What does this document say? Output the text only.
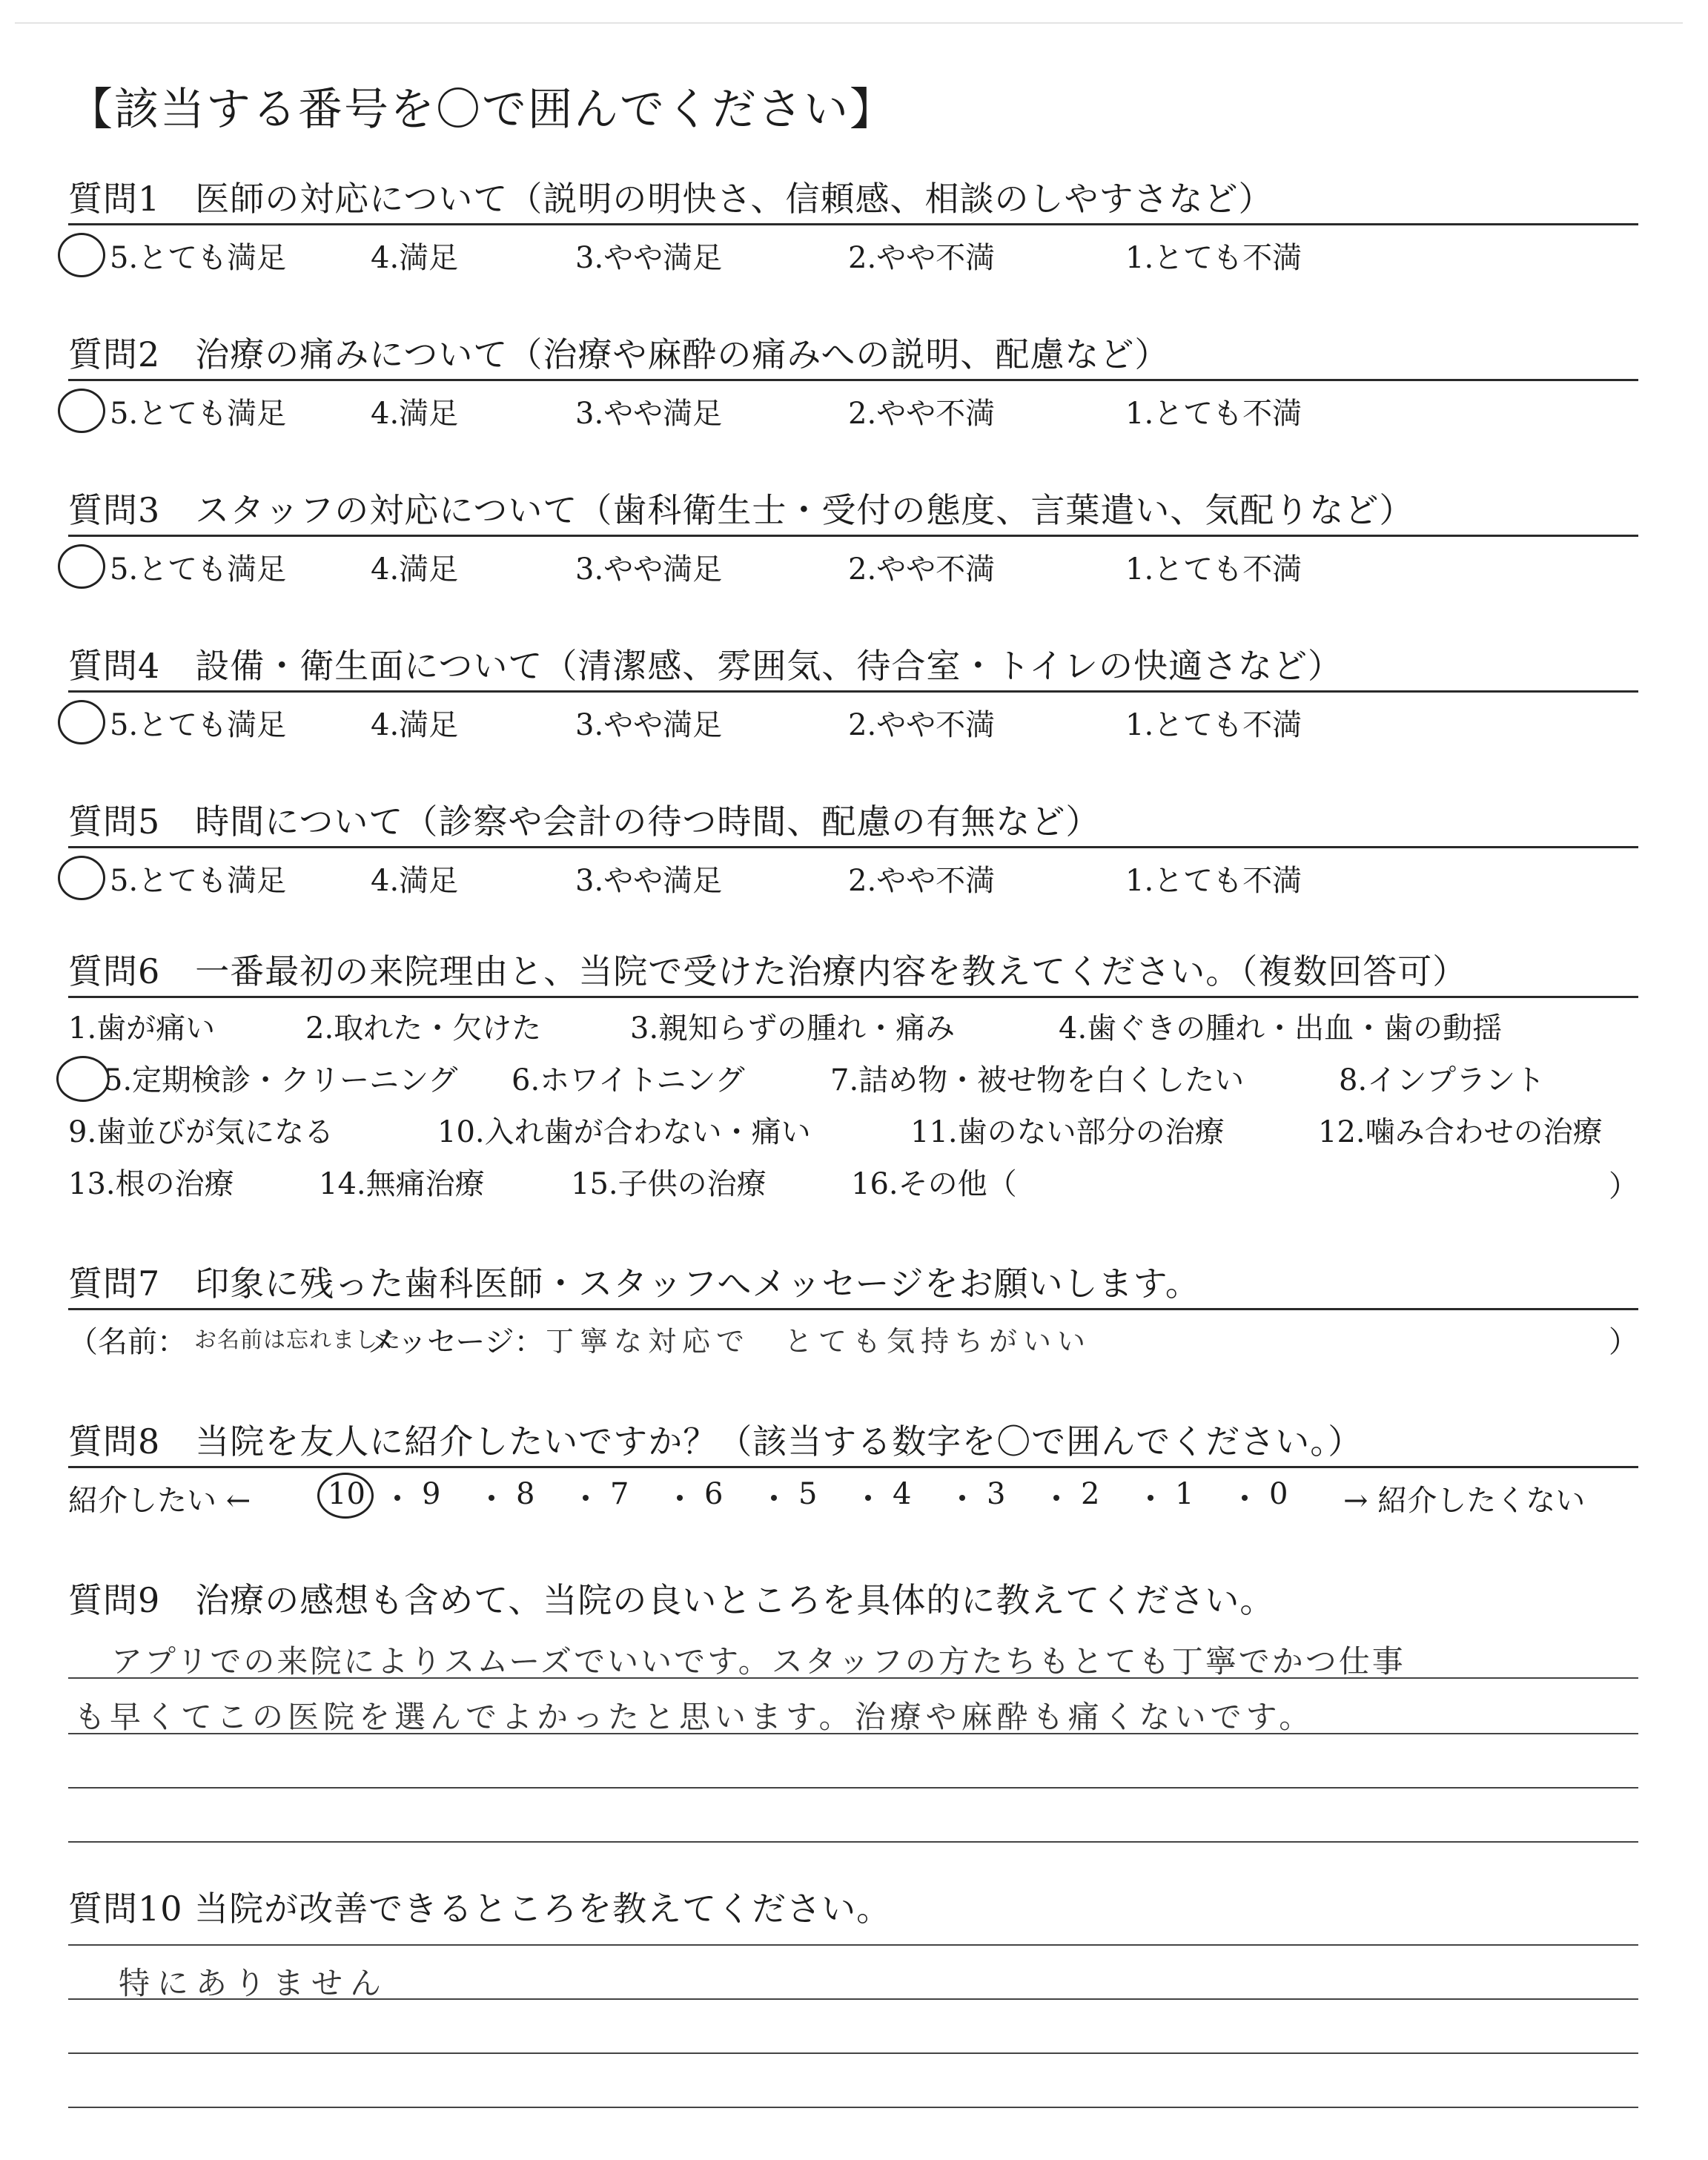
【該当する番号を〇で囲んでください】
質問1　医師の対応について（説明の明快さ、信頼感、相談のしやすさなど）
5.とても満足	4.満足	3.やや満足	2.やや不満	1.とても不満
質問2　治療の痛みについて（治療や麻酔の痛みへの説明、配慮など）
5.とても満足	4.満足	3.やや満足	2.やや不満	1.とても不満
質問3　スタッフの対応について（歯科衛生士・受付の態度、言葉遣い、気配りなど）
5.とても満足	4.満足	3.やや満足	2.やや不満	1.とても不満
質問4　設備・衛生面について（清潔感、雰囲気、待合室・トイレの快適さなど）
5.とても満足	4.満足	3.やや満足	2.やや不満	1.とても不満
質問5　時間について（診察や会計の待つ時間、配慮の有無など）
5.とても満足	4.満足	3.やや満足	2.やや不満	1.とても不満
質問6　一番最初の来院理由と、当院で受けた治療内容を教えてください。（複数回答可）
1.歯が痛い	2.取れた・欠けた	3.親知らずの腫れ・痛み	4.歯ぐきの腫れ・出血・歯の動揺
5.定期検診・クリーニング 6.ホワイトニング	7.詰め物・被せ物を白くしたい	8.インプラント
9.歯並びが気になる	10.入れ歯が合わない・痛い	11.歯のない部分の治療	12.噛み合わせの治療
13.根の治療	14.無痛治療	15.子供の治療	16.その他（	）
質問7　印象に残った歯科医師・スタッフへメッセージをお願いします。
（名前： お名前は忘れました
メッセージ： 丁寧な対応で　とても気持ちがいい	）
質問8　当院を友人に紹介したいですか？（該当する数字を〇で囲んでください。）
紹介したい ←	10 9	8	7	6	5	4	3	2	1	0 → 紹介したくない
質問9　治療の感想も含めて、当院の良いところを具体的に教えてください。
アプリでの来院によりスムーズでいいです。スタッフの方たちもとても丁寧でかつ仕事
も早くてこの医院を選んでよかったと思います。治療や麻酔も痛くないです。
質問10 当院が改善できるところを教えてください。
特にありません
